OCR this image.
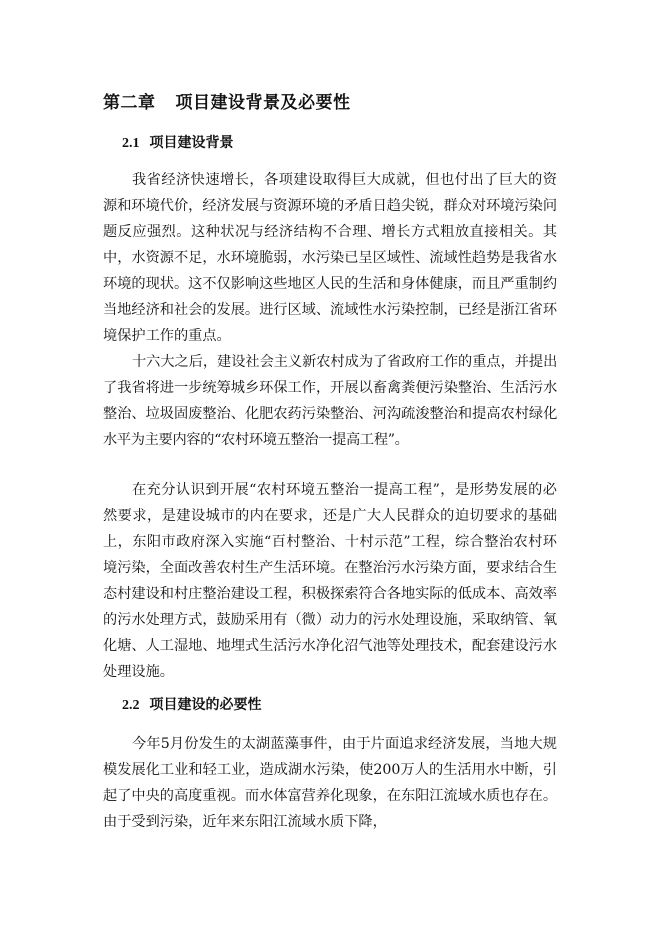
第二章 项目建设背景及必要性
2.1 项目建设背景

我省经济快速增长，各项建设取得巨大成就，但也付出了巨大的资源和环境代价，经济发展与资源环境的矛盾日趋尖锐，群众对环境污染问题反应强烈。这种状况与经济结构不合理、增长方式粗放直接相关。其中，水资源不足，水环境脆弱，水污染已呈区域性、流域性趋势是我省水环境的现状。这不仅影响这些地区人民的生活和身体健康，而且严重制约当地经济和社会的发展。进行区域、流域性水污染控制，已经是浙江省环境保护工作的重点。

十六大之后，建设社会主义新农村成为了省政府工作的重点，并提出了我省将进一步统筹城乡环保工作，开展以畜禽粪便污染整治、生活污水整治、垃圾固废整治、化肥农药污染整治、河沟疏浚整治和提高农村绿化水平为主要内容的“农村环境五整治一提高工程”。

在充分认识到开展“农村环境五整治一提高工程”，是形势发展的必然要求，是建设城市的内在要求，还是广大人民群众的迫切要求的基础上，东阳市政府深入实施“百村整治、十村示范”工程，综合整治农村环境污染，全面改善农村生产生活环境。在整治污水污染方面，要求结合生态村建设和村庄整治建设工程，积极探索符合各地实际的低成本、高效率的污水处理方式，鼓励采用有（微）动力的污水处理设施，采取纳管、氧化塘、人工湿地、地埋式生活污水净化沼气池等处理技术，配套建设污水处理设施。

2.2 项目建设的必要性

今年5月份发生的太湖蓝藻事件，由于片面追求经济发展，当地大规模发展化工业和轻工业，造成湖水污染，使200万人的生活用水中断，引起了中央的高度重视。而水体富营养化现象，在东阳江流域水质也存在。由于受到污染，近年来东阳江流域水质下降，
